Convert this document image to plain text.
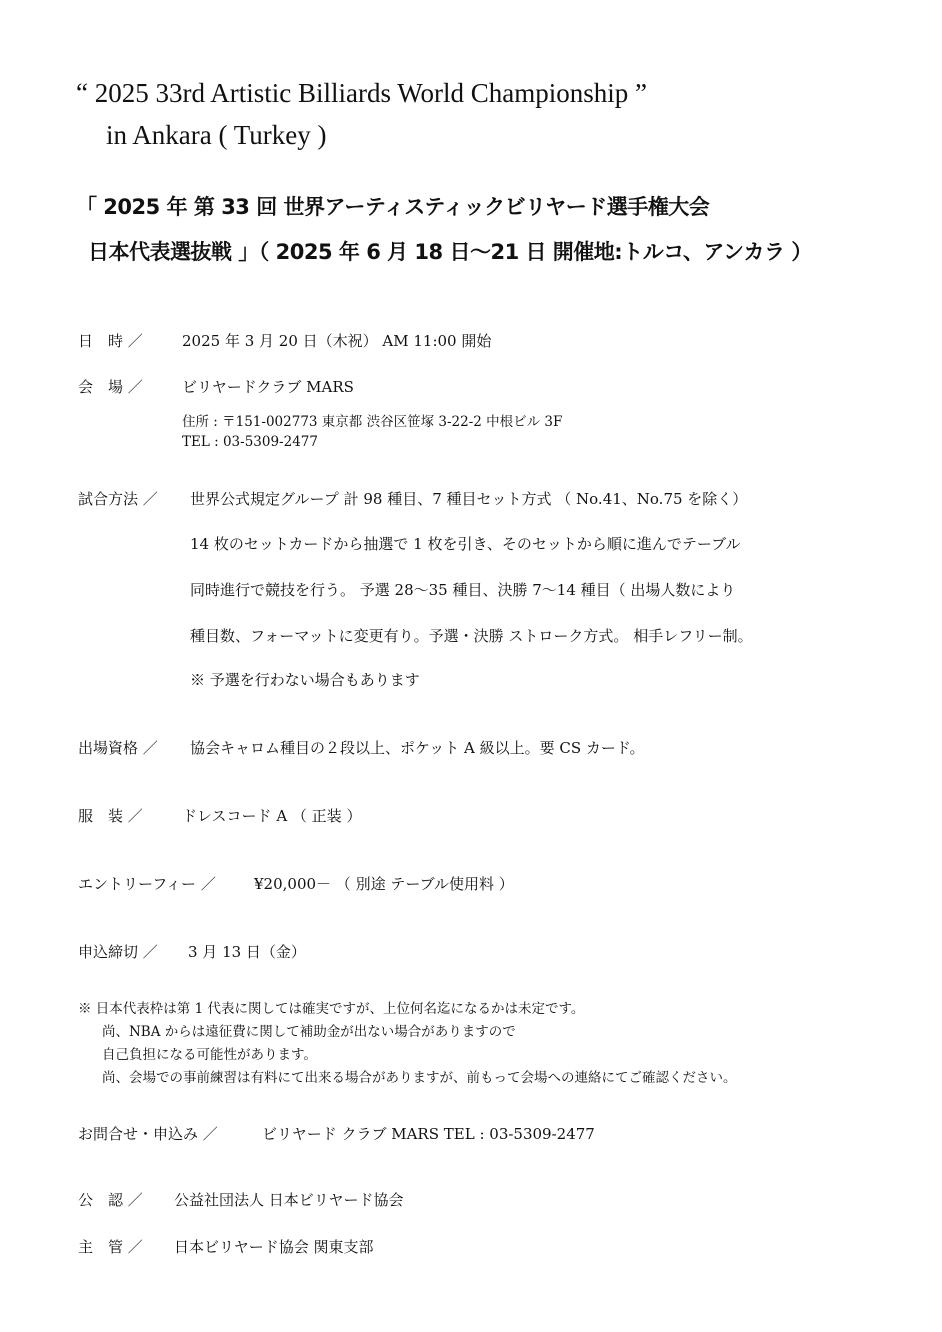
“ 2025 33rd Artistic Billiards World Championship ”
in Ankara ( Turkey )
「 2025 年 第 33 回 世界アーティスティックビリヤード選手権大会
日本代表選抜戦 」（ 2025 年 6 月 18 日～21 日 開催地:トルコ、アンカラ ）
日　時 ／	2025 年 3 月 20 日（木祝） AM 11:00 開始
会　場 ／	ビリヤードクラブ MARS
住所 : 〒151-002773 東京都 渋谷区笹塚 3-22-2 中根ビル 3F
TEL : 03-5309-2477
試合方法 ／ 世界公式規定グループ 計 98 種目、7 種目セット方式 （ No.41、No.75 を除く）
14 枚のセットカードから抽選で 1 枚を引き、そのセットから順に進んでテーブル
同時進行で競技を行う。 予選 28～35 種目、決勝 7～14 種目（ 出場人数により
種目数、フォーマットに変更有り。予選・決勝 ストローク方式。 相手レフリー制。
※ 予選を行わない場合もあります
出場資格 ／ 協会キャロム種目の２段以上、ポケット A 級以上。要 CS カード。
服　装 ／	ドレスコード A （ 正装 ）
エントリーフィー ／	¥20,000－ （ 別途 テーブル使用料 ）
申込締切 ／ 3 月 13 日（金）
※ 日本代表枠は第 1 代表に関しては確実ですが、上位何名迄になるかは未定です。
尚、NBA からは遠征費に関して補助金が出ない場合がありますので
自己負担になる可能性があります。
尚、会場での事前練習は有料にて出来る場合がありますが、前もって会場への連絡にてご確認ください。
お問合せ・申込み ／	ビリヤード クラブ MARS TEL : 03-5309-2477
公　認 ／ 公益社団法人 日本ビリヤード協会
主　管 ／ 日本ビリヤード協会 関東支部
